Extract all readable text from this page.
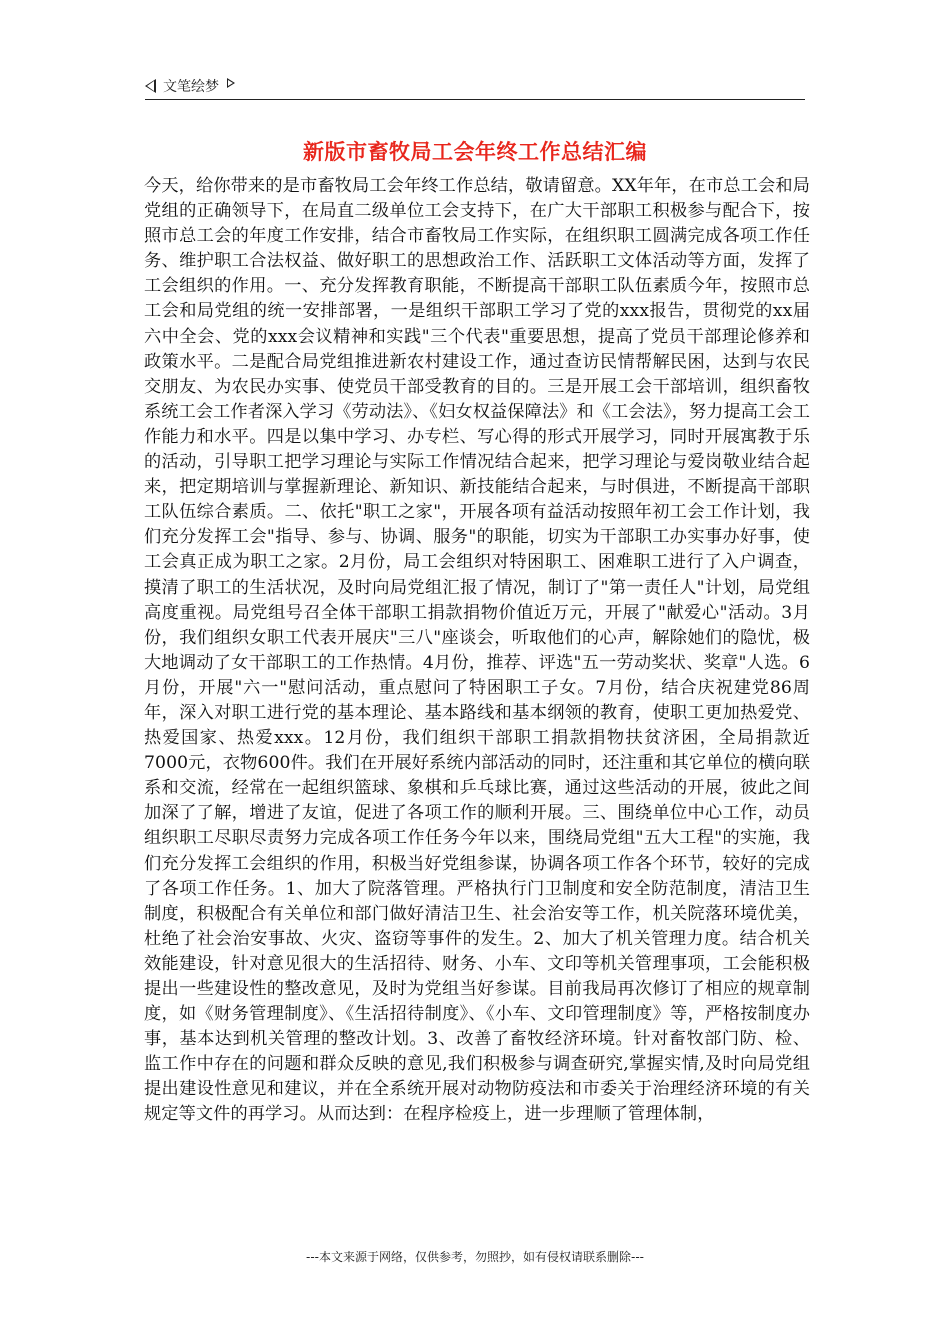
文笔绘梦
新版市畜牧局工会年终工作总结汇编

今天，给你带来的是市畜牧局工会年终工作总结，敬请留意。XX年年，在市总工会和局党组的正确领导下，在局直二级单位工会支持下，在广大干部职工积极参与配合下，按照市总工会的年度工作安排，结合市畜牧局工作实际，在组织职工圆满完成各项工作任务、维护职工合法权益、做好职工的思想政治工作、活跃职工文体活动等方面，发挥了工会组织的作用。一、充分发挥教育职能，不断提高干部职工队伍素质今年，按照市总工会和局党组的统一安排部署，一是组织干部职工学习了党的xxx报告，贯彻党的xx届六中全会、党的xxx会议精神和实践"三个代表"重要思想，提高了党员干部理论修养和政策水平。二是配合局党组推进新农村建设工作，通过查访民情帮解民困，达到与农民交朋友、为农民办实事、使党员干部受教育的目的。三是开展工会干部培训，组织畜牧系统工会工作者深入学习《劳动法》、《妇女权益保障法》和《工会法》，努力提高工会工作能力和水平。四是以集中学习、办专栏、写心得的形式开展学习，同时开展寓教于乐的活动，引导职工把学习理论与实际工作情况结合起来，把学习理论与爱岗敬业结合起来，把定期培训与掌握新理论、新知识、新技能结合起来，与时俱进，不断提高干部职工队伍综合素质。二、依托"职工之家"，开展各项有益活动按照年初工会工作计划，我们充分发挥工会"指导、参与、协调、服务"的职能，切实为干部职工办实事办好事，使工会真正成为职工之家。2月份，局工会组织对特困职工、困难职工进行了入户调查，摸清了职工的生活状况，及时向局党组汇报了情况，制订了"第一责任人"计划，局党组高度重视。局党组号召全体干部职工捐款捐物价值近万元，开展了"献爱心"活动。3月份，我们组织女职工代表开展庆"三八"座谈会，听取他们的心声，解除她们的隐忧，极大地调动了女干部职工的工作热情。4月份，推荐、评选"五一劳动奖状、奖章"人选。6月份，开展"六一"慰问活动，重点慰问了特困职工子女。7月份，结合庆祝建党86周年，深入对职工进行党的基本理论、基本路线和基本纲领的教育，使职工更加热爱党、热爱国家、热爱xxx。12月份，我们组织干部职工捐款捐物扶贫济困，全局捐款近7000元，衣物600件。我们在开展好系统内部活动的同时，还注重和其它单位的横向联系和交流，经常在一起组织篮球、象棋和乒乓球比赛，通过这些活动的开展，彼此之间加深了了解，增进了友谊，促进了各项工作的顺利开展。三、围绕单位中心工作，动员组织职工尽职尽责努力完成各项工作任务今年以来，围绕局党组"五大工程"的实施，我们充分发挥工会组织的作用，积极当好党组参谋，协调各项工作各个环节，较好的完成了各项工作任务。1、加大了院落管理。严格执行门卫制度和安全防范制度，清洁卫生制度，积极配合有关单位和部门做好清洁卫生、社会治安等工作，机关院落环境优美，杜绝了社会治安事故、火灾、盗窃等事件的发生。2、加大了机关管理力度。结合机关效能建设，针对意见很大的生活招待、财务、小车、文印等机关管理事项，工会能积极提出一些建设性的整改意见，及时为党组当好参谋。目前我局再次修订了相应的规章制度，如《财务管理制度》、《生活招待制度》、《小车、文印管理制度》等，严格按制度办事，基本达到机关管理的整改计划。3、改善了畜牧经济环境。针对畜牧部门防、检、监工作中存在的问题和群众反映的意见,我们积极参与调查研究,掌握实情,及时向局党组提出建设性意见和建议，并在全系统开展对动物防疫法和市委关于治理经济环境的有关规定等文件的再学习。从而达到：在程序检疫上，进一步理顺了管理体制，

---本文来源于网络，仅供参考，勿照抄，如有侵权请联系删除---
